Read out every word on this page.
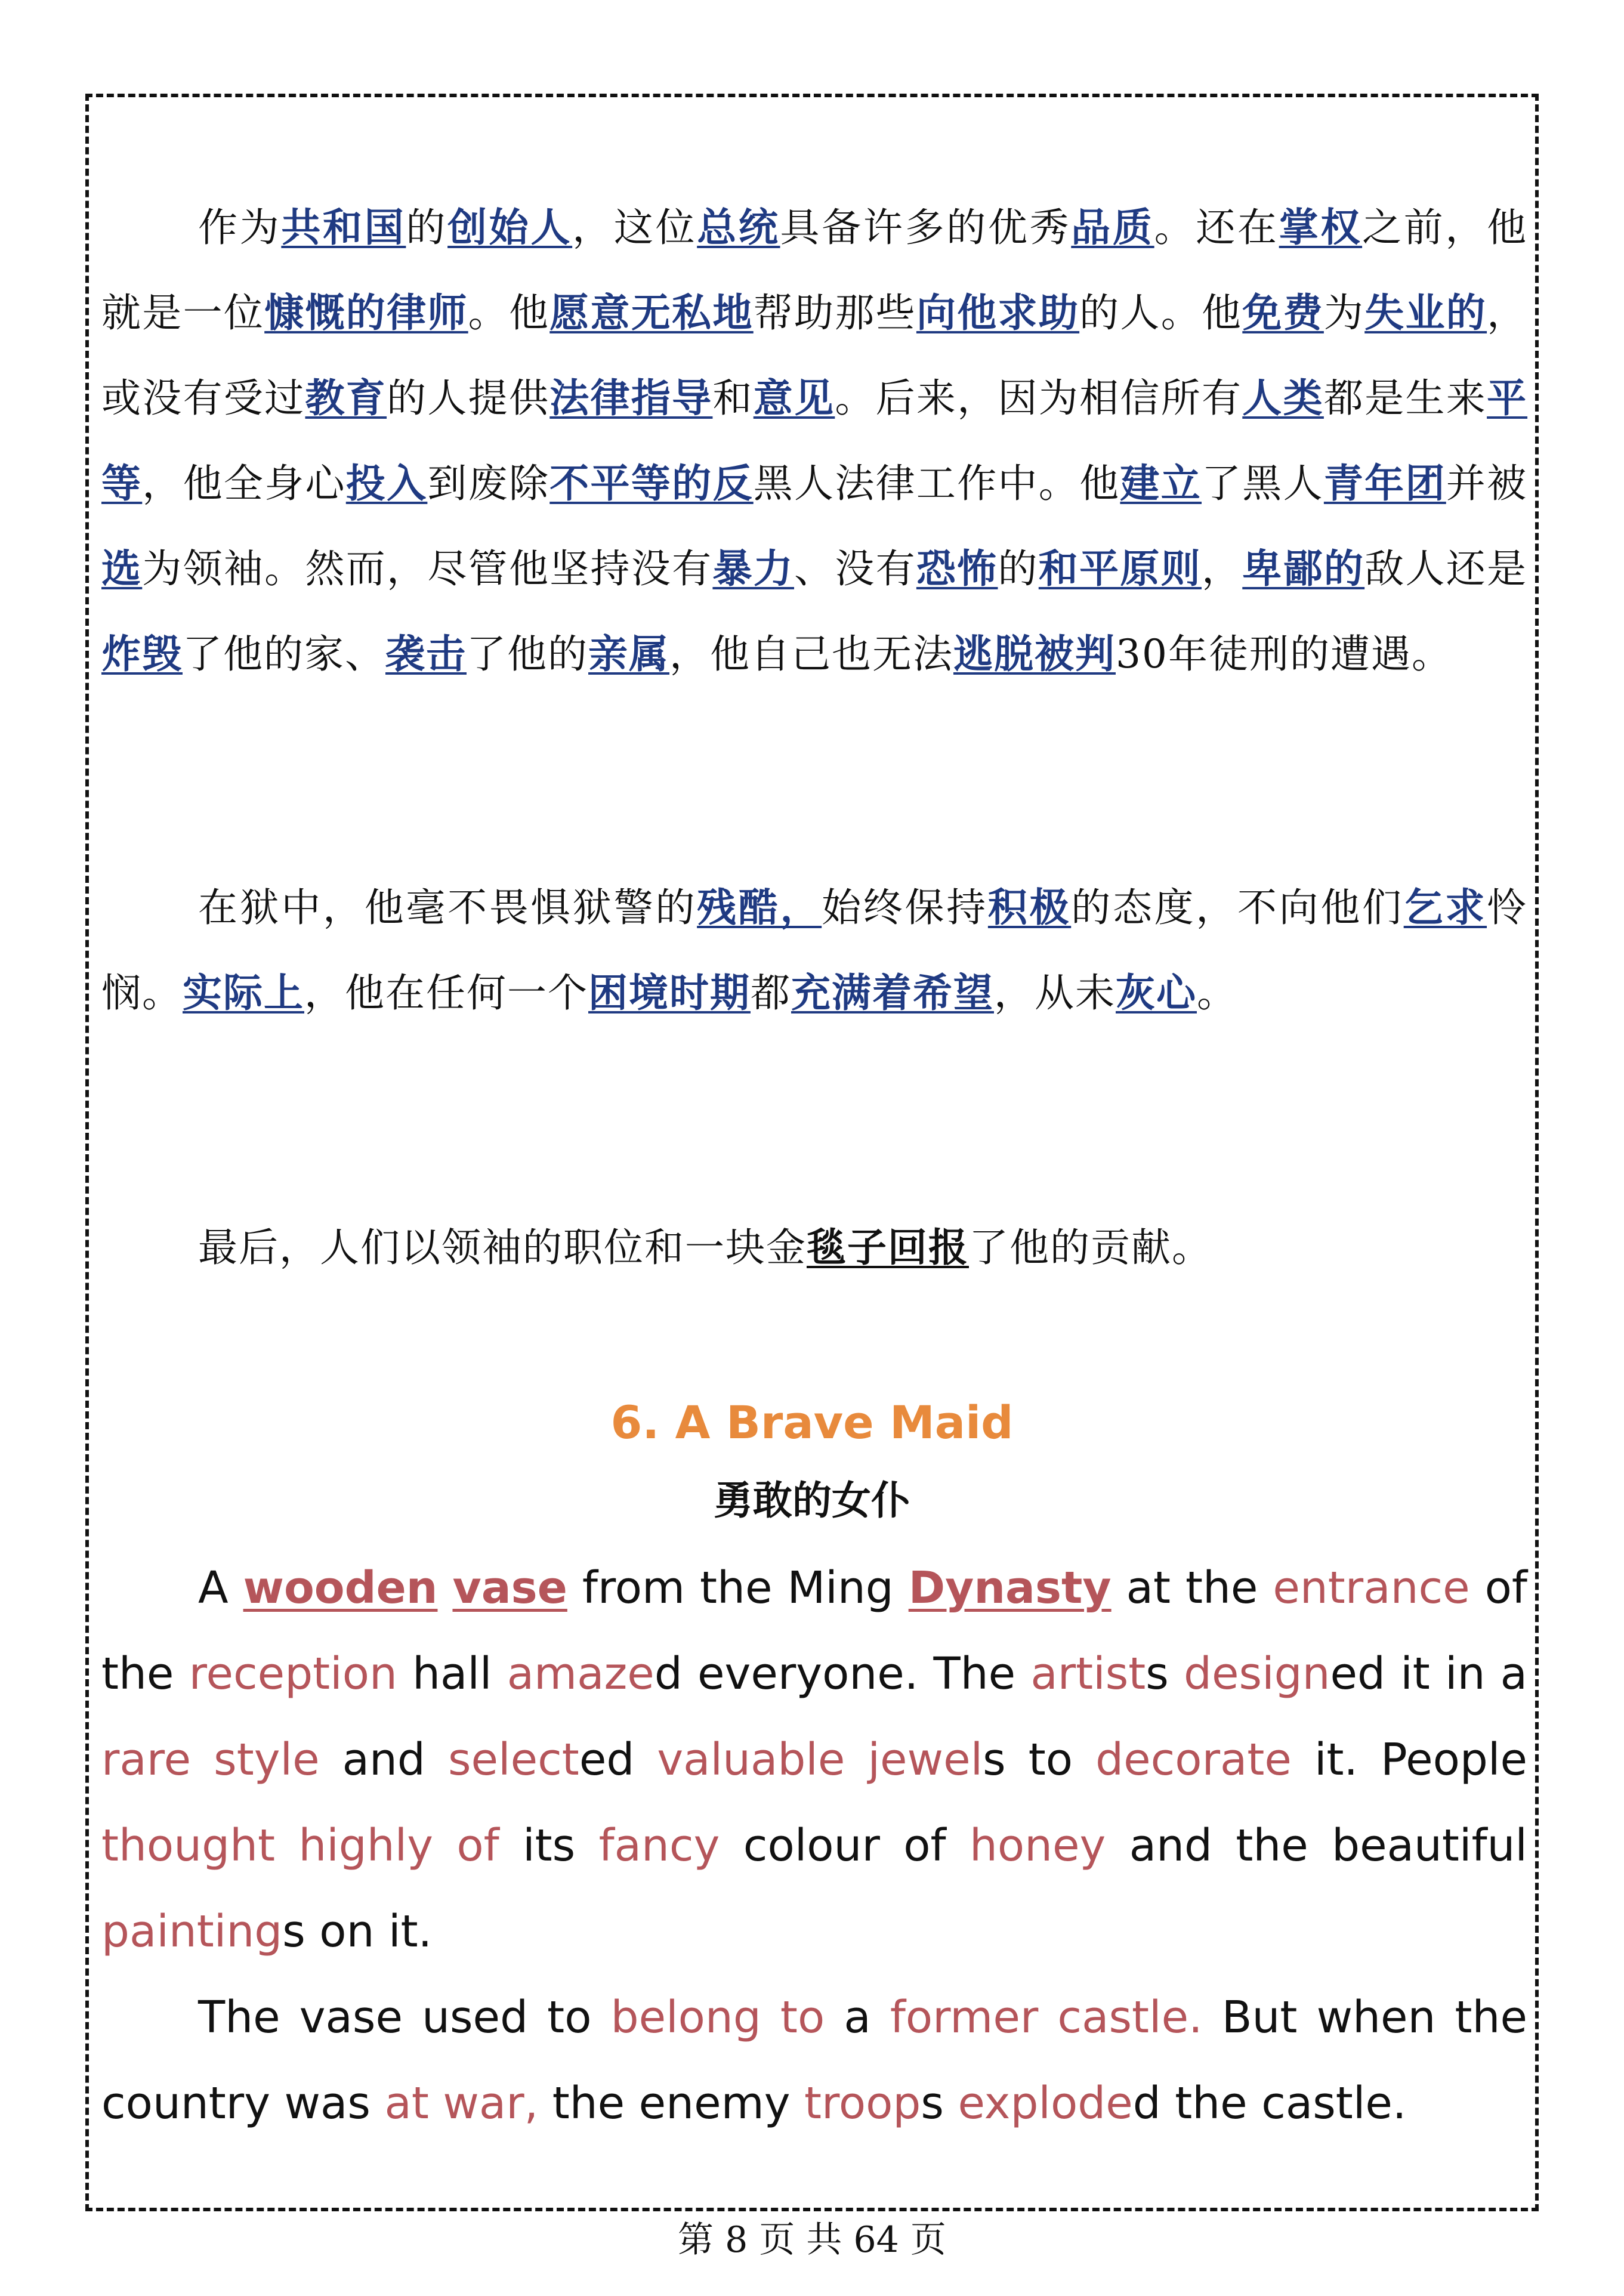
作为共和国的创始人，这位总统具备许多的优秀品质。还在掌权之前，他就是一位慷慨的律师。他愿意无私地帮助那些向他求助的人。他免费为失业的，或没有受过教育的人提供法律指导和意见。后来，因为相信所有人类都是生来平等，他全身心投入到废除不平等的反黑人法律工作中。他建立了黑人青年团并被选为领袖。然而，尽管他坚持没有暴力、没有恐怖的和平原则，卑鄙的敌人还是炸毁了他的家、袭击了他的亲属，他自己也无法逃脱被判30年徒刑的遭遇。
在狱中，他毫不畏惧狱警的残酷，始终保持积极的态度，不向他们乞求怜悯。实际上，他在任何一个困境时期都充满着希望，从未灰心。
最后，人们以领袖的职位和一块金毯子回报了他的贡献。
6. A Brave Maid
勇敢的女仆
A wooden vase from the Ming Dynasty at the entrance of the reception hall amazed everyone. The artists designed it in a rare style and selected valuable jewels to decorate it. People thought highly of its fancy colour of honey and the beautiful paintings on it.
The vase used to belong to a former castle. But when the country was at war, the enemy troops exploded the castle.
第 8 页 共 64 页
